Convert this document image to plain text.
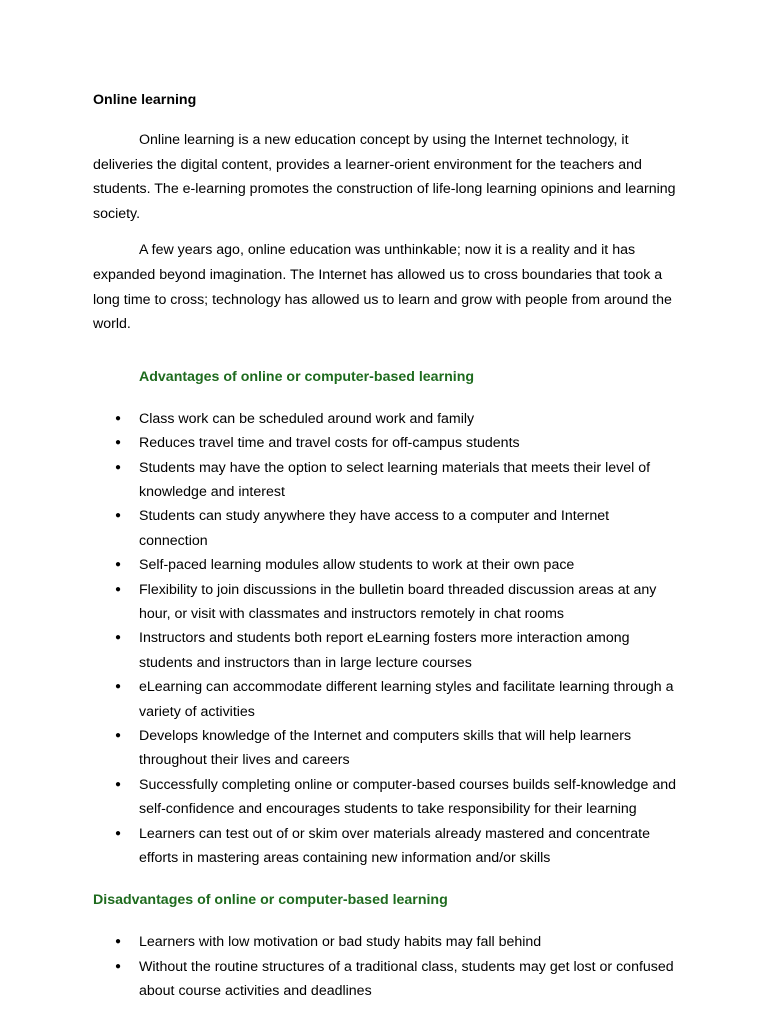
Online learning

Online learning is a new education concept by using the Internet technology, it deliveries the digital content, provides a learner-orient environment for the teachers and students. The e-learning promotes the construction of life-long learning opinions and learning society.

A few years ago, online education was unthinkable; now it is a reality and it has expanded beyond imagination. The Internet has allowed us to cross boundaries that took a long time to cross; technology has allowed us to learn and grow with people from around the world.

Advantages of online or computer-based learning
● Class work can be scheduled around work and family
● Reduces travel time and travel costs for off-campus students
● Students may have the option to select learning materials that meets their level of knowledge and interest
● Students can study anywhere they have access to a computer and Internet connection
● Self-paced learning modules allow students to work at their own pace
● Flexibility to join discussions in the bulletin board threaded discussion areas at any hour, or visit with classmates and instructors remotely in chat rooms
● Instructors and students both report eLearning fosters more interaction among students and instructors than in large lecture courses
● eLearning can accommodate different learning styles and facilitate learning through a variety of activities
● Develops knowledge of the Internet and computers skills that will help learners throughout their lives and careers
● Successfully completing online or computer-based courses builds self-knowledge and self-confidence and encourages students to take responsibility for their learning
● Learners can test out of or skim over materials already mastered and concentrate efforts in mastering areas containing new information and/or skills
Disadvantages of online or computer-based learning
● Learners with low motivation or bad study habits may fall behind
● Without the routine structures of a traditional class, students may get lost or confused about course activities and deadlines
